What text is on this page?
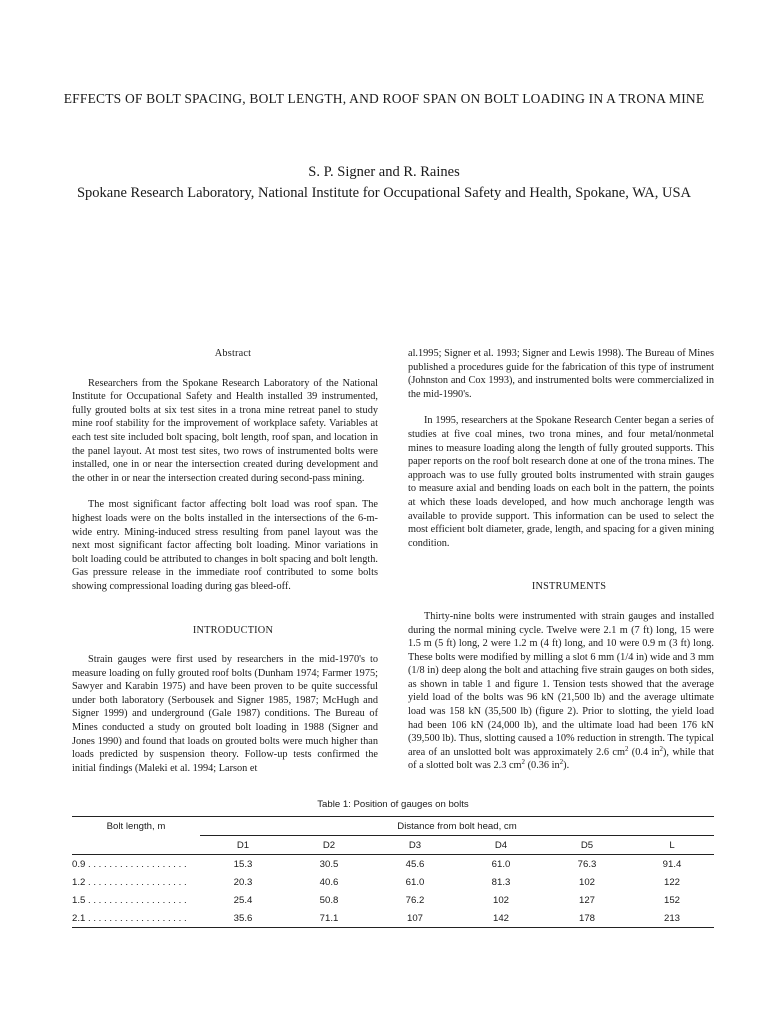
EFFECTS OF BOLT SPACING, BOLT LENGTH, AND ROOF SPAN ON BOLT LOADING IN A TRONA MINE
S. P. Signer and R. Raines
Spokane Research Laboratory, National Institute for Occupational Safety and Health, Spokane, WA, USA

Abstract

Researchers from the Spokane Research Laboratory of the National Institute for Occupational Safety and Health installed 39 instrumented, fully grouted bolts at six test sites in a trona mine retreat panel to study mine roof stability for the improvement of workplace safety. Variables at each test site included bolt spacing, bolt length, roof span, and location in the panel layout. At most test sites, two rows of instrumented bolts were installed, one in or near the intersection created during development and the other in or near the intersection created during second-pass mining.

The most significant factor affecting bolt load was roof span. The highest loads were on the bolts installed in the intersections of the 6-m-wide entry. Mining-induced stress resulting from panel layout was the next most significant factor affecting bolt loading. Minor variations in bolt loading could be attributed to changes in bolt spacing and bolt length. Gas pressure release in the immediate roof contributed to some bolts showing compressional loading during gas bleed-off.

INTRODUCTION

Strain gauges were first used by researchers in the mid-1970's to measure loading on fully grouted roof bolts (Dunham 1974; Farmer 1975; Sawyer and Karabin 1975) and have been proven to be quite successful under both laboratory (Serbousek and Signer 1985, 1987; McHugh and Signer 1999) and underground (Gale 1987) conditions. The Bureau of Mines conducted a study on grouted bolt loading in 1988 (Signer and Jones 1990) and found that loads on grouted bolts were much higher than loads predicted by suspension theory. Follow-up tests confirmed the initial findings (Maleki et al. 1994; Larson et

al.1995; Signer et al. 1993; Signer and Lewis 1998). The Bureau of Mines published a procedures guide for the fabrication of this type of instrument (Johnston and Cox 1993), and instrumented bolts were commercialized in the mid-1990's.

In 1995, researchers at the Spokane Research Center began a series of studies at five coal mines, two trona mines, and four metal/nonmetal mines to measure loading along the length of fully grouted supports. This paper reports on the roof bolt research done at one of the trona mines. The approach was to use fully grouted bolts instrumented with strain gauges to measure axial and bending loads on each bolt in the pattern, the points at which these loads developed, and how much anchorage length was available to provide support. This information can be used to select the most efficient bolt diameter, grade, length, and spacing for a given mining condition.

INSTRUMENTS

Thirty-nine bolts were instrumented with strain gauges and installed during the normal mining cycle. Twelve were 2.1 m (7 ft) long, 15 were 1.5 m (5 ft) long, 2 were 1.2 m (4 ft) long, and 10 were 0.9 m (3 ft) long. These bolts were modified by milling a slot 6 mm (1/4 in) wide and 3 mm (1/8 in) deep along the bolt and attaching five strain gauges on both sides, as shown in table 1 and figure 1. Tension tests showed that the average yield load of the bolts was 96 kN (21,500 lb) and the average ultimate load was 158 kN (35,500 lb) (figure 2). Prior to slotting, the yield load had been 106 kN (24,000 lb), and the ultimate load had been 176 kN (39,500 lb). Thus, slotting caused a 10% reduction in strength. The typical area of an unslotted bolt was approximately 2.6 $cm^2$ (0.4 $in^2$), while that of a slotted bolt was 2.3 $cm^2$ (0.36 $in^2$).

Table 1: Position of gauges on bolts
Bolt length, m	Distance from bolt head, cm					
	D1	D2	D3	D4	D5	L
0.9 . . . . . . . . . . . . . . . . . . .	15.3	30.5	45.6	61.0	76.3	91.4
1.2 . . . . . . . . . . . . . . . . . . .	20.3	40.6	61.0	81.3	102	122
1.5 . . . . . . . . . . . . . . . . . . .	25.4	50.8	76.2	102	127	152
2.1 . . . . . . . . . . . . . . . . . . .	35.6	71.1	107	142	178	213
